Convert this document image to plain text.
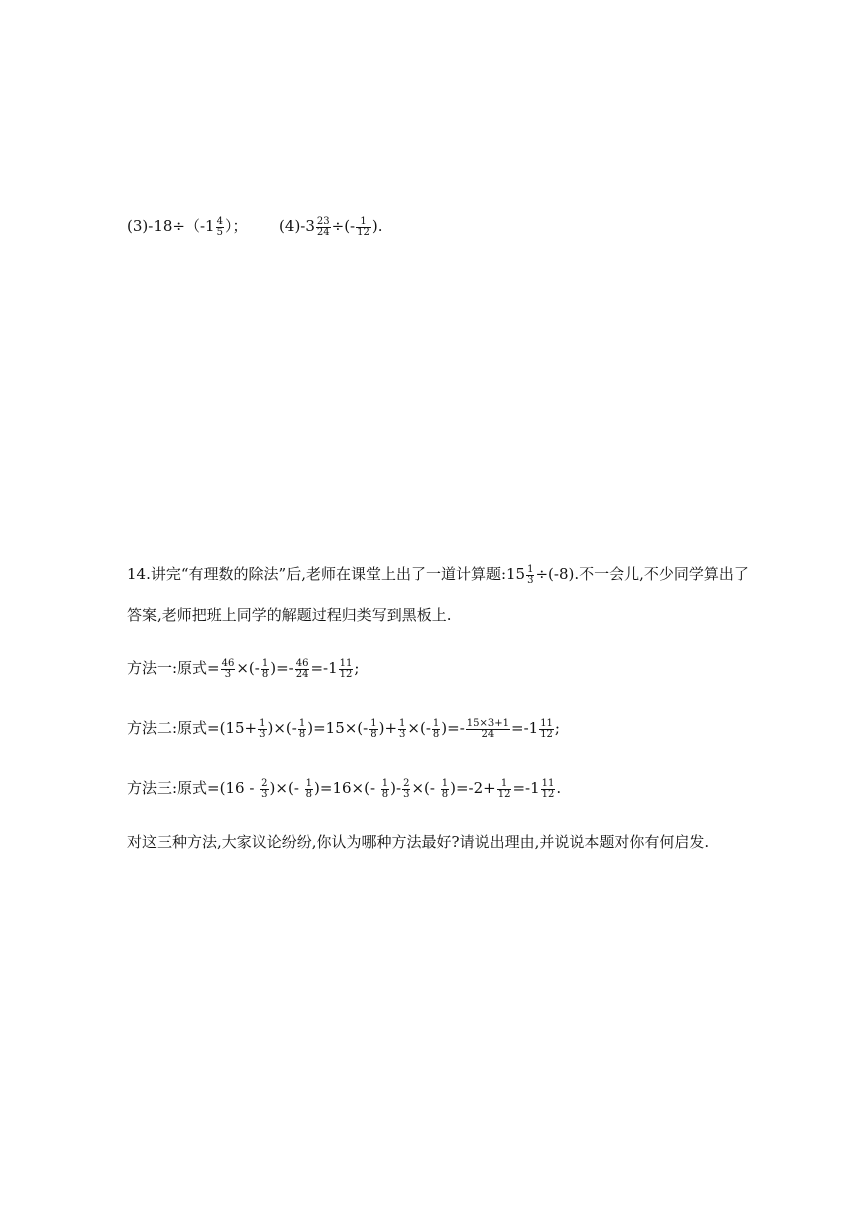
$(3)-18\div(-1 \frac{4}{5}$ ）； $(4)-3 \frac{23}{24}$ ÷(- $\frac{1}{12}$ ).
14.讲完“有理数的除法”后,老师在课堂上出了一道计算题:15 $\frac{1}{3} \div(-8)$.不一会儿,不少同学算出了
答案,老师把班上同学的解题过程归类写到黑板上.
方法一:原式= $\frac{46}{3}$ ×(- $\frac{1}{8}$ )=- $\frac{46}{24} =-1 \frac{11}{12}$ ;
方法二:原式$=(15+ \frac{1}{3}$ )×(- $\frac{1}{8} )=15\times(- \frac{1}{8}$ )+ $\frac{1}{3}$ ×(- $\frac{1}{8}$ )=- $\frac{15\times 3+1}{24} =-1 \frac{11}{12}$ ;
方法三:原式$=(16 - \frac{2}{3}$ )×(- $\frac{1}{8} )=16\times(- \frac{1}{8}$ )- $\frac{2}{3}$ ×(- $\frac{1}{8} )=-2+ \frac{1}{12} =-1 \frac{11}{12}$ .
对这三种方法,大家议论纷纷,你认为哪种方法最好?请说出理由,并说说本题对你有何启发.
